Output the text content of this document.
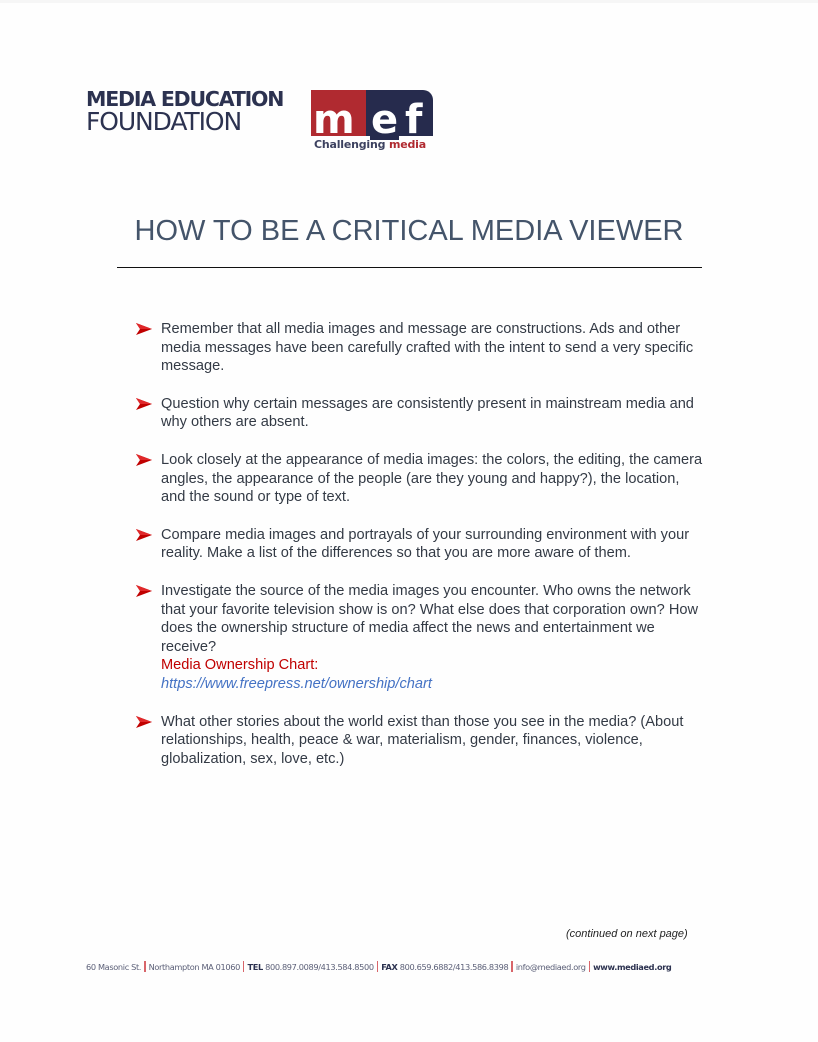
MEDIA EDUCATION
FOUNDATION	m e f
Challenging media
HOW TO BE A CRITICAL MEDIA VIEWER
Remember that all media images and message are constructions. Ads and other media messages have been carefully crafted with the intent to send a very specific message.
Question why certain messages are consistently present in mainstream media and why others are absent.
Look closely at the appearance of media images: the colors, the editing, the camera angles, the appearance of the people (are they young and happy?), the location, and the sound or type of text.
Compare media images and portrayals of your surrounding environment with your reality. Make a list of the differences so that you are more aware of them.
Investigate the source of the media images you encounter. Who owns the network that your favorite television show is on? What else does that corporation own? How does the ownership structure of media affect the news and entertainment we receive?
Media Ownership Chart:
https://www.freepress.net/ownership/chart
What other stories about the world exist than those you see in the media? (About relationships, health, peace & war, materialism, gender, finances, violence, globalization, sex, love, etc.)
(continued on next page)
60 Masonic St. Northampton MA 01060 TEL 800.897.0089/413.584.8500 FAX 800.659.6882/413.586.8398 info@mediaed.org www.mediaed.org
